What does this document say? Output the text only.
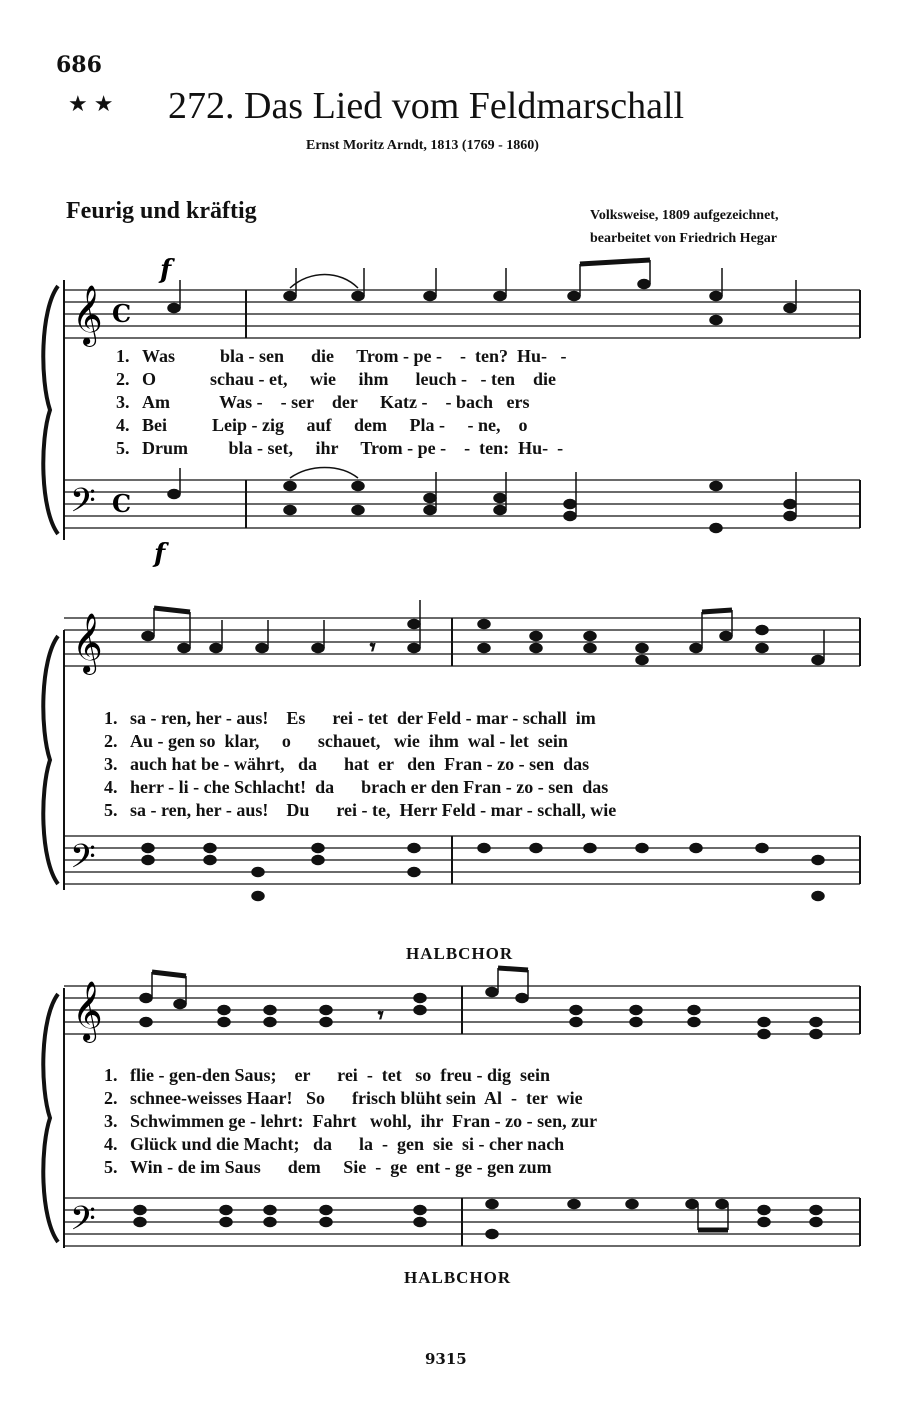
686
★★ 272. Das Lied vom Feldmarschall
Ernst Moritz Arndt, 1813 (1769 - 1860)
Feurig und kräftig	Volksweise, 1809 aufgezeichnet,
bearbeitet von Friedrich Hegar
𝄞
𝄢
C
C
f
f
1. Was          bla - sen      die     Trom - pe -    -  ten?  Hu-   -
2. O            schau - et,     wie     ihm      leuch -   - ten    die
3. Am           Was -    - ser    der     Katz -    - bach   ers
4. Bei          Leip - zig     auf     dem     Pla -     - ne,    o
5. Drum         bla - set,     ihr     Trom - pe -    -  ten:  Hu-  -
𝄞
𝄢
𝄾
1. sa - ren, her - aus!    Es      rei - tet  der Feld - mar - schall  im
2. Au - gen so  klar,     o      schauet,   wie  ihm  wal - let  sein
3. auch hat be - währt,   da      hat  er   den  Fran - zo - sen  das
4. herr - li - che Schlacht!  da      brach er den Fran - zo - sen  das
5. sa - ren, her - aus!    Du      rei - te,  Herr Feld - mar - schall, wie
HALBCHOR
𝄞
𝄢
𝄾
1. flie - gen-den Saus;    er      rei  -  tet   so  freu - dig  sein
2. schnee-weisses Haar!   So      frisch blüht sein  Al  -  ter  wie
3. Schwimmen ge - lehrt:  Fahrt   wohl,  ihr  Fran - zo - sen, zur
4. Glück und die Macht;   da      la  -  gen  sie  si - cher nach
5. Win - de im Saus      dem     Sie  -  ge  ent - ge - gen zum
HALBCHOR
9315
